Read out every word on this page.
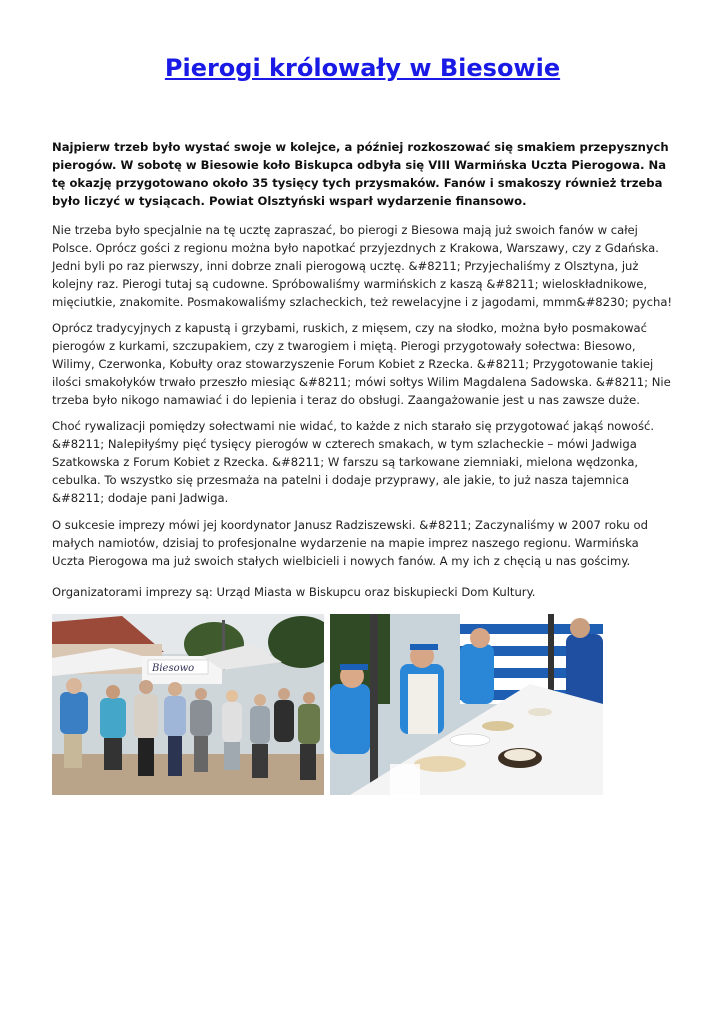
Pierogi królowały w Biesowie

Najpierw trzeb było wystać swoje w kolejce, a później rozkoszować się smakiem przepysznych pierogów. W sobotę w Biesowie koło Biskupca odbyła się VIII Warmińska Uczta Pierogowa. Na tę okazję przygotowano około 35 tysięcy tych przysmaków. Fanów i smakoszy również trzeba było liczyć w tysiącach. Powiat Olsztyński wsparł wydarzenie finansowo.

Nie trzeba było specjalnie na tę ucztę zapraszać, bo pierogi z Biesowa mają już swoich fanów w całej Polsce. Oprócz gości z regionu można było napotkać przyjezdnych z Krakowa, Warszawy, czy z Gdańska. Jedni byli po raz pierwszy, inni dobrze znali pierogową ucztę. &#8211; Przyjechaliśmy z Olsztyna, już kolejny raz. Pierogi tutaj są cudowne. Spróbowaliśmy warmińskich z kaszą &#8211; wieloskładnikowe, mięciutkie, znakomite. Posmakowaliśmy szlacheckich, też rewelacyjne i z jagodami, mmm&#8230; pycha!

Oprócz tradycyjnych z kapustą i grzybami, ruskich, z mięsem, czy na słodko, można było posmakować pierogów z kurkami, szczupakiem, czy z twarogiem i miętą. Pierogi przygotowały sołectwa: Biesowo, Wilimy, Czerwonka, Kobułty oraz stowarzyszenie Forum Kobiet z Rzecka. &#8211; Przygotowanie takiej ilości smakołyków trwało przeszło miesiąc &#8211; mówi sołtys Wilim Magdalena Sadowska. &#8211; Nie trzeba było nikogo namawiać i do lepienia i teraz do obsługi. Zaangażowanie jest u nas zawsze duże.

Choć rywalizacji pomiędzy sołectwami nie widać, to każde z nich starało się przygotować jakąś nowość. &#8211; Nalepiłyśmy pięć tysięcy pierogów w czterech smakach, w tym szlacheckie – mówi Jadwiga Szatkowska z Forum Kobiet z Rzecka. &#8211; W farszu są tarkowane ziemniaki, mielona wędzonka, cebulka. To wszystko się przesmaża na patelni i dodaje przyprawy, ale jakie, to już nasza tajemnica &#8211; dodaje pani Jadwiga.

O sukcesie imprezy mówi jej koordynator Janusz Radziszewski. &#8211; Zaczynaliśmy w 2007 roku od małych namiotów, dzisiaj to profesjonalne wydarzenie na mapie imprez naszego regionu. Warmińska Uczta Pierogowa ma już swoich stałych wielbicieli i nowych fanów. A my ich z chęcią u nas gościmy.

Organizatorami imprezy są: Urząd Miasta w Biskupcu oraz biskupiecki Dom Kultury.

Biesowo
